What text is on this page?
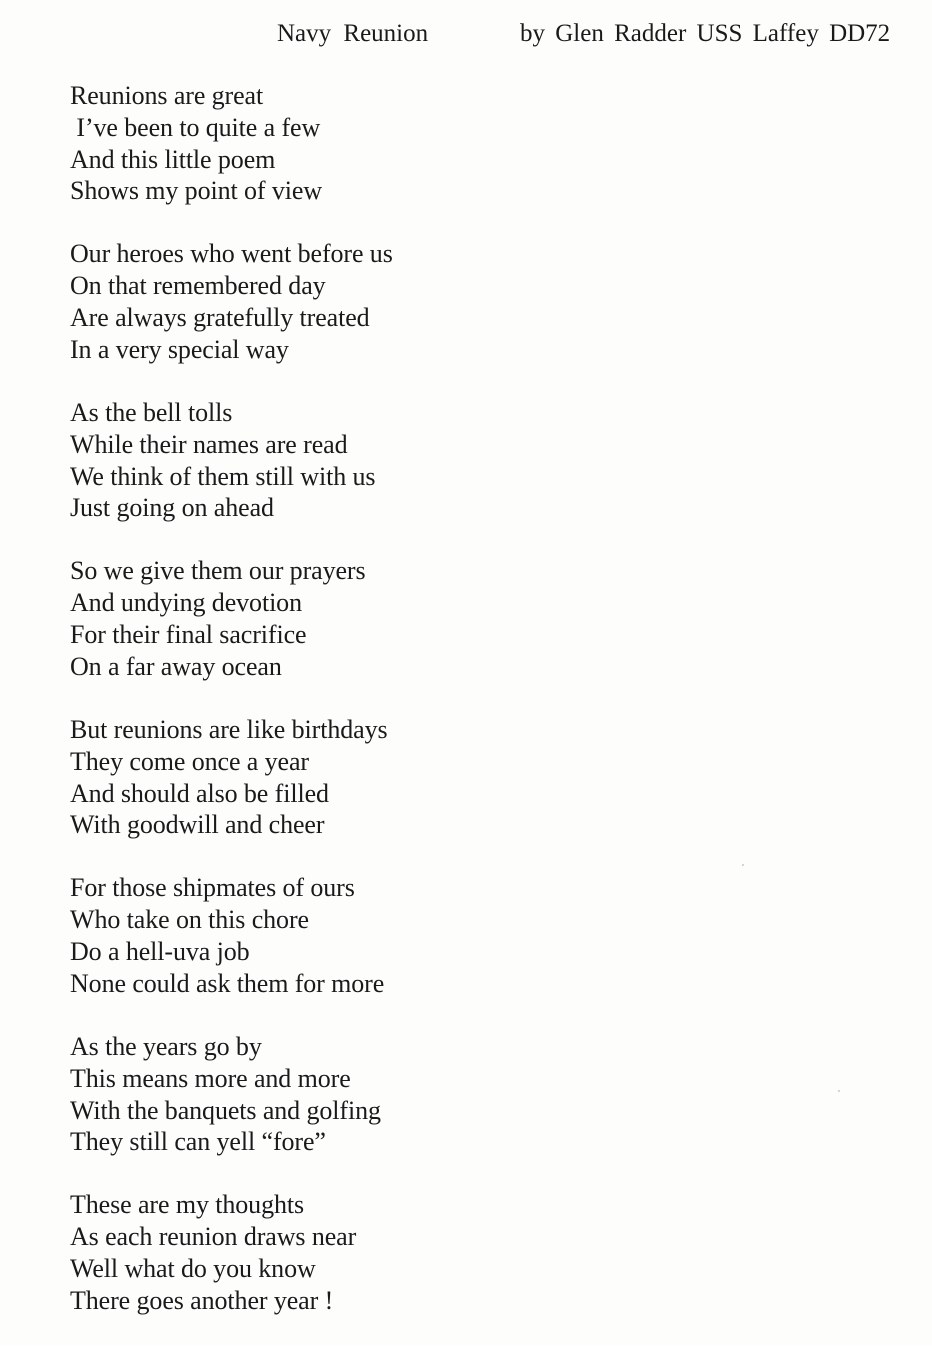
Navy Reunion	by Glen Radder USS Laffey DD72
Reunions are great
I’ve been to quite a few
And this little poem
Shows my point of view
Our heroes who went before us
On that remembered day
Are always gratefully treated
In a very special way
As the bell tolls
While their names are read
We think of them still with us
Just going on ahead
So we give them our prayers
And undying devotion
For their final sacrifice
On a far away ocean
But reunions are like birthdays
They come once a year
And should also be filled
With goodwill and cheer
For those shipmates of ours
Who take on this chore
Do a hell-uva job
None could ask them for more
As the years go by
This means more and more
With the banquets and golfing
They still can yell “fore”
These are my thoughts
As each reunion draws near
Well what do you know
There goes another year !
